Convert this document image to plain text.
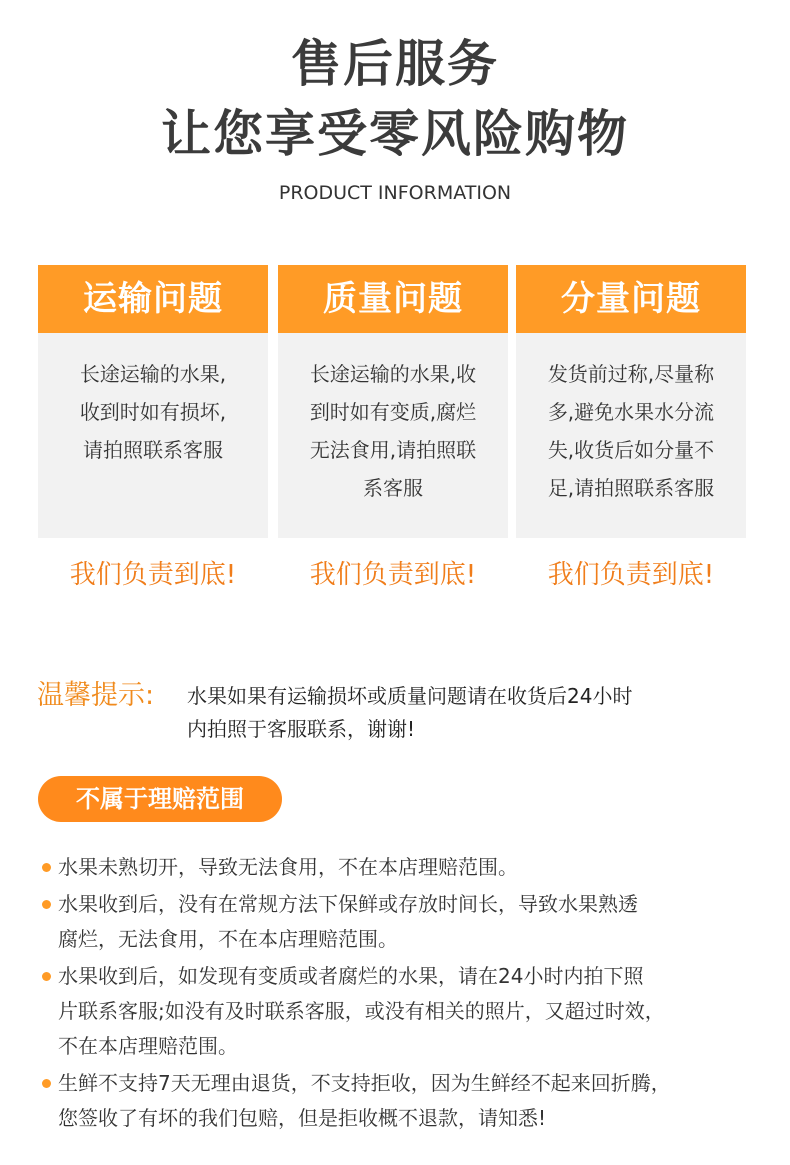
售后服务
让您享受零风险购物
PRODUCT INFORMATION
运输问题
长途运输的水果,
收到时如有损坏,
请拍照联系客服
我们负责到底!
质量问题
长途运输的水果,收
到时如有变质,腐烂
无法食用,请拍照联
系客服
我们负责到底!
分量问题
发货前过称,尽量称
多,避免水果水分流
失,收货后如分量不
足,请拍照联系客服
我们负责到底!
温馨提示: 水果如果有运输损坏或质量问题请在收货后24小时
内拍照于客服联系，谢谢!
不属于理赔范围
水果未熟切开，导致无法食用，不在本店理赔范围。
水果收到后，没有在常规方法下保鲜或存放时间长，导致水果熟透
腐烂，无法食用，不在本店理赔范围。
水果收到后，如发现有变质或者腐烂的水果，请在24小时内拍下照
片联系客服;如没有及时联系客服，或没有相关的照片，又超过时效，
不在本店理赔范围。
生鲜不支持7天无理由退货，不支持拒收，因为生鲜经不起来回折腾，
您签收了有坏的我们包赔，但是拒收概不退款，请知悉!
